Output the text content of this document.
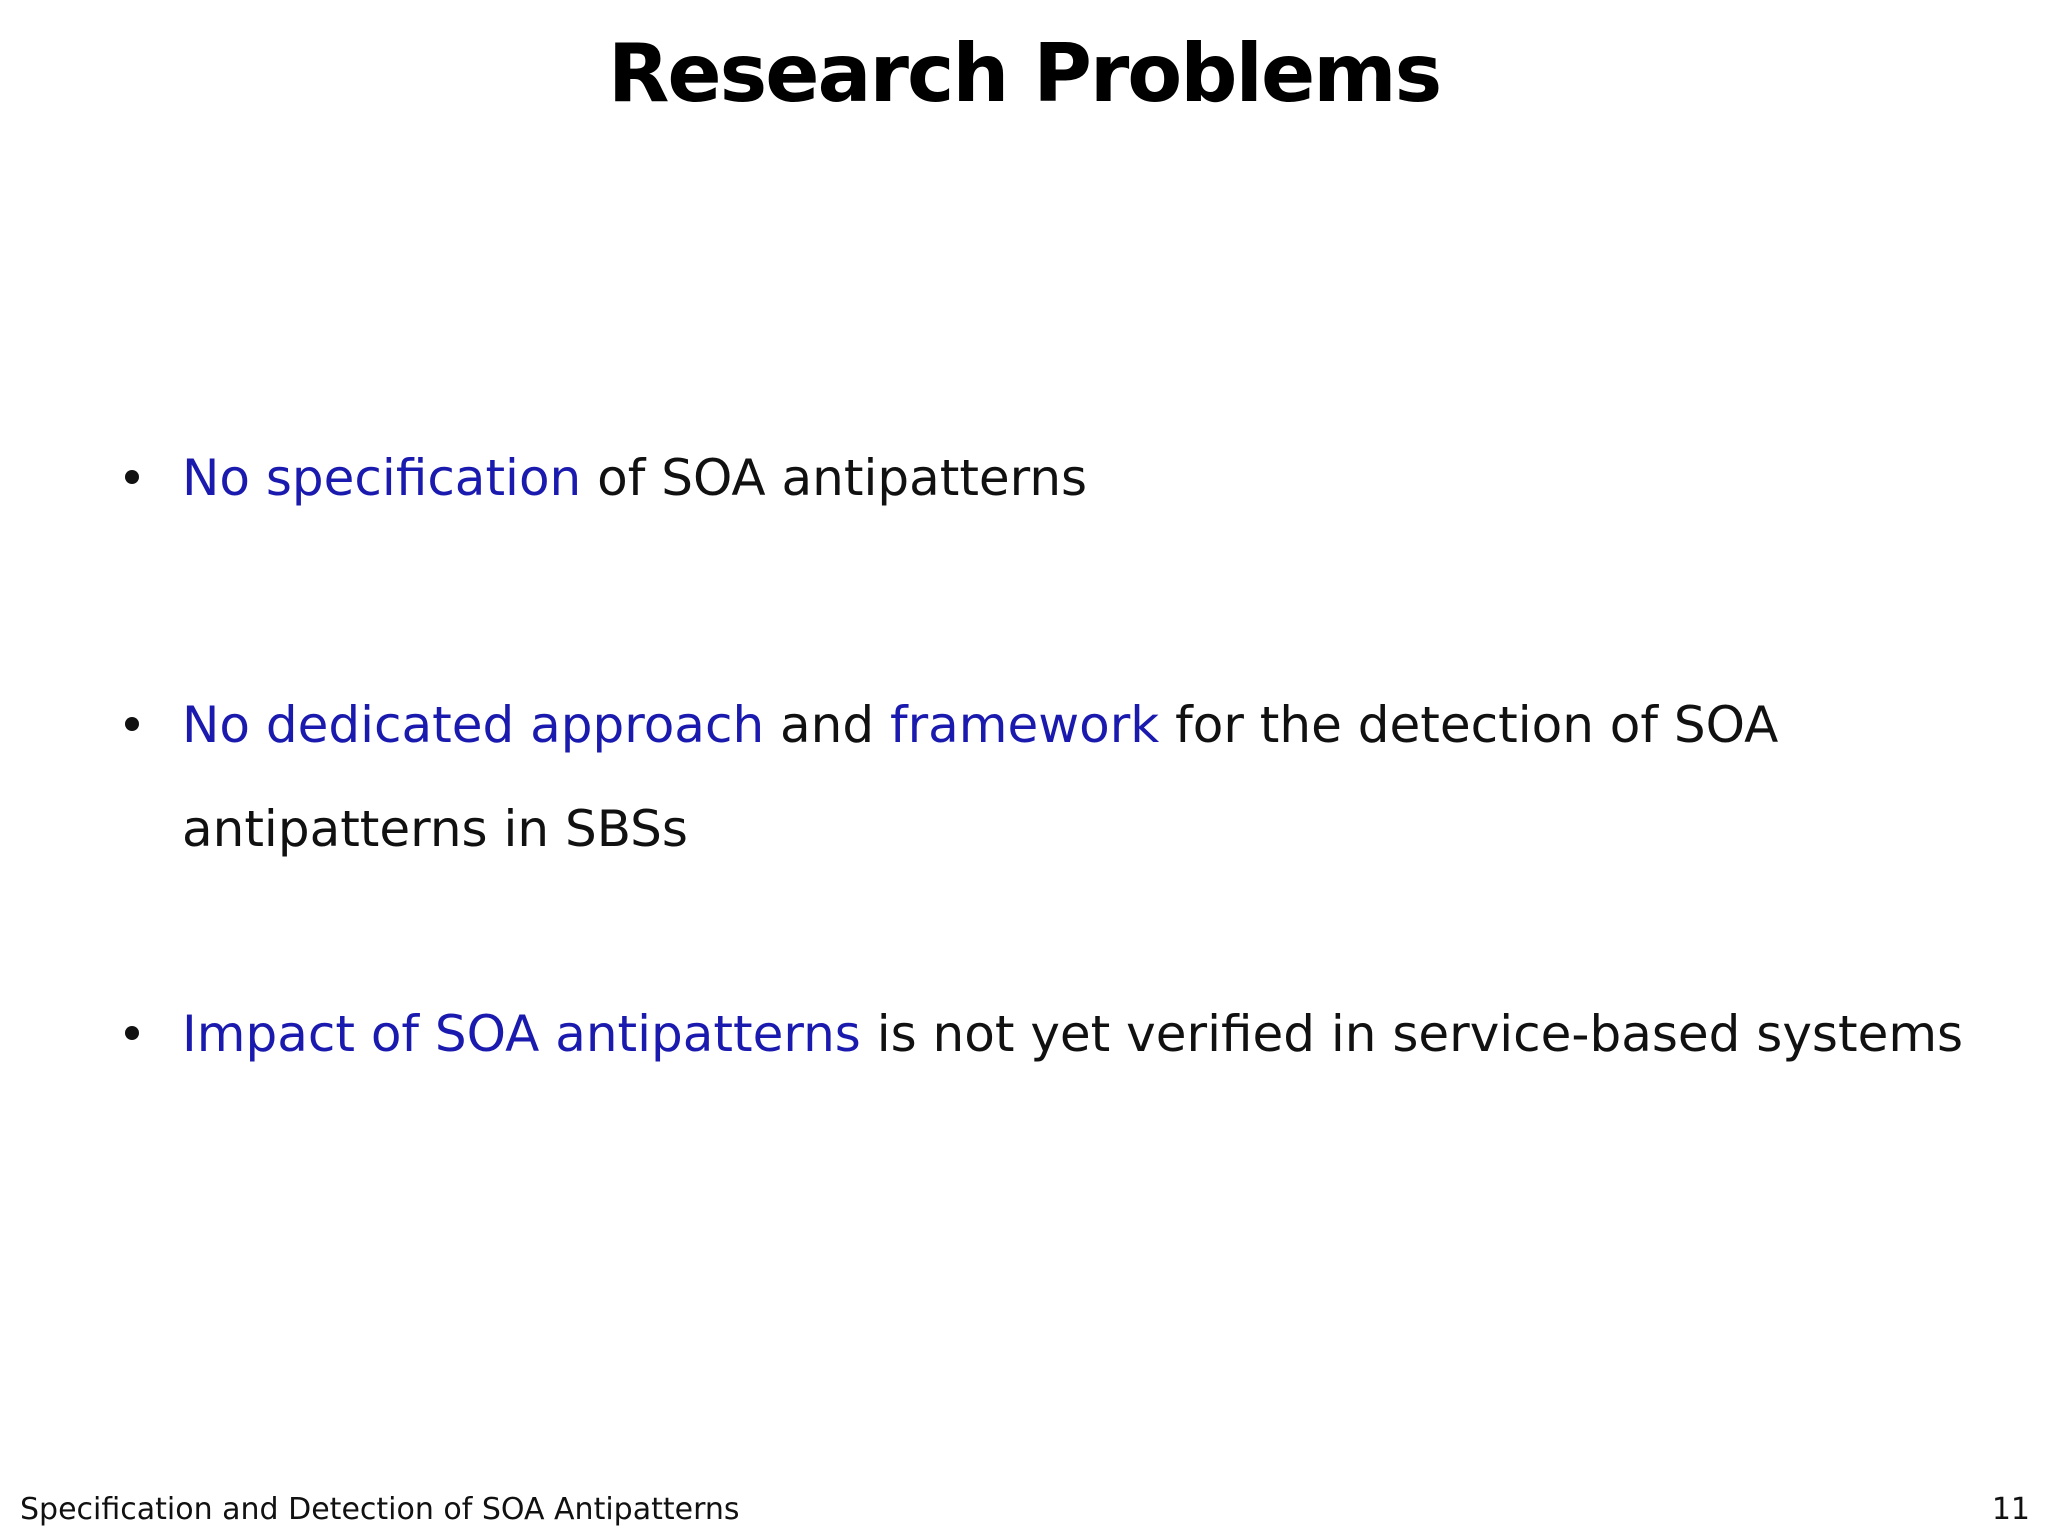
Research Problems

No specification of SOA antipatterns

No dedicated approach and framework for the detection of SOA
antipatterns in SBSs

Impact of SOA antipatterns is not yet verified in service-based systems

Specification and Detection of SOA Antipatterns	11
